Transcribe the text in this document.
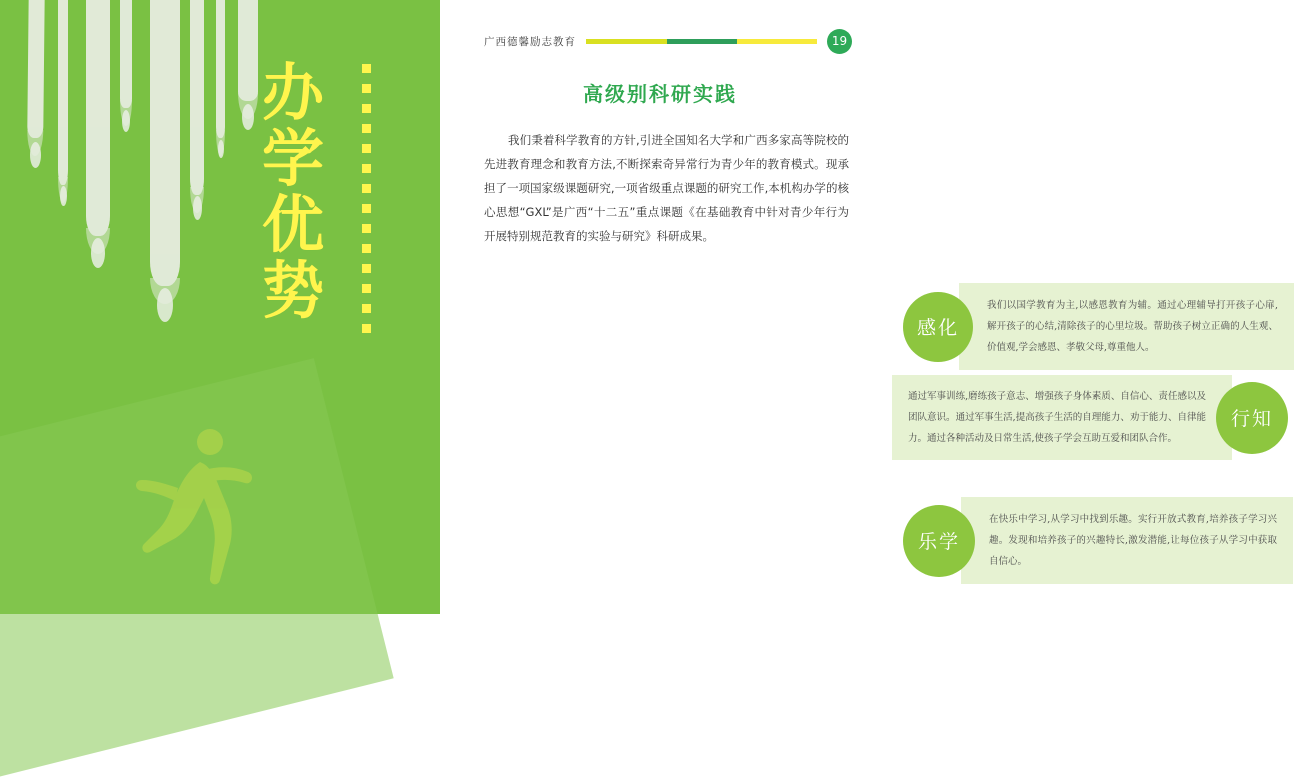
办
学
优
势
广西德馨励志教育	19
高级别科研实践
我们秉着科学教育的方针,引进全国知名大学和广西多家高等院校的先进教育理念和教育方法,不断探索奇异常行为青少年的教育模式。现承担了一项国家级课题研究,一项省级重点课题的研究工作,本机构办学的核心思想“GXL”是广西“十二五”重点课题《在基础教育中针对青少年行为开展特别规范教育的实验与研究》科研成果。
感化
我们以国学教育为主,以感恩教育为辅。通过心理辅导打开孩子心扉,解开孩子的心结,清除孩子的心里垃圾。帮助孩子树立正确的人生观、价值观,学会感恩、孝敬父母,尊重他人。
通过军事训练,磨练孩子意志、增强孩子身体素质、自信心、责任感以及团队意识。通过军事生活,提高孩子生活的自理能力、劝于能力、自律能力。通过各种活动及日常生活,使孩子学会互助互爱和团队合作。
行知
乐学
在快乐中学习,从学习中找到乐趣。实行开放式教育,培养孩子学习兴趣。发现和培养孩子的兴趣特长,激发潜能,让每位孩子从学习中获取自信心。
